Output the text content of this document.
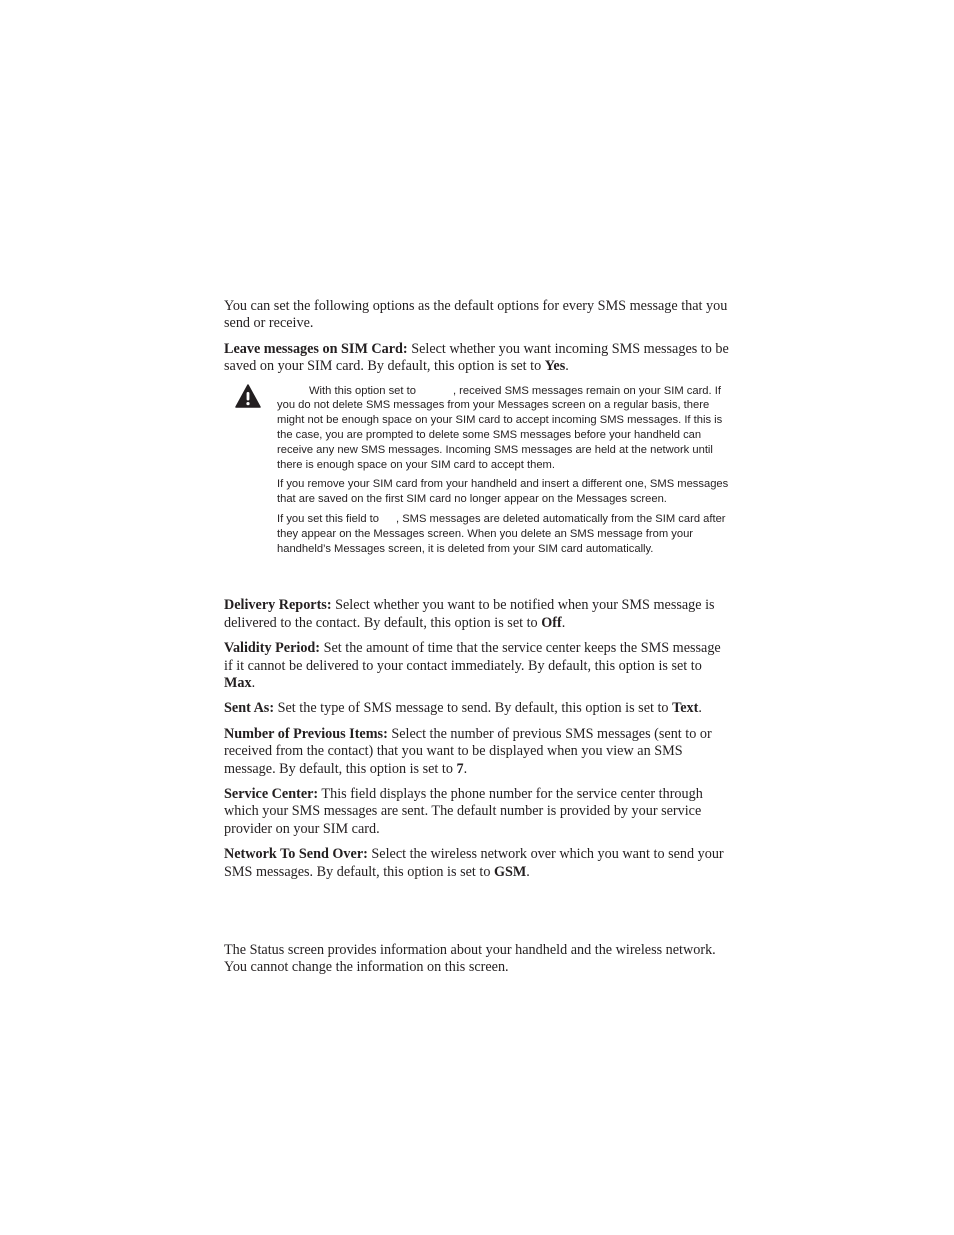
You can set the following options as the default options for every SMS message that you send or receive.

Leave messages on SIM Card: Select whether you want incoming SMS messages to be saved on your SIM card. By default, this option is set to Yes.

With this option set to	, received SMS messages remain on your SIM card. If you do not delete SMS messages from your Messages screen on a regular basis, there might not be enough space on your SIM card to accept incoming SMS messages. If this is the case, you are prompted to delete some SMS messages before your handheld can receive any new SMS messages. Incoming SMS messages are held at the network until there is enough space on your SIM card to accept them.

If you remove your SIM card from your handheld and insert a different one, SMS messages that are saved on the first SIM card no longer appear on the Messages screen.

If you set this field to , SMS messages are deleted automatically from the SIM card after they appear on the Messages screen. When you delete an SMS message from your handheld’s Messages screen, it is deleted from your SIM card automatically.

Delivery Reports: Select whether you want to be notified when your SMS message is delivered to the contact. By default, this option is set to Off.

Validity Period: Set the amount of time that the service center keeps the SMS message if it cannot be delivered to your contact immediately. By default, this option is set to Max.

Sent As: Set the type of SMS message to send. By default, this option is set to Text.

Number of Previous Items: Select the number of previous SMS messages (sent to or received from the contact) that you want to be displayed when you view an SMS message. By default, this option is set to 7.

Service Center: This field displays the phone number for the service center through which your SMS messages are sent. The default number is provided by your service provider on your SIM card.

Network To Send Over: Select the wireless network over which you want to send your SMS messages. By default, this option is set to GSM.

The Status screen provides information about your handheld and the wireless network. You cannot change the information on this screen.
